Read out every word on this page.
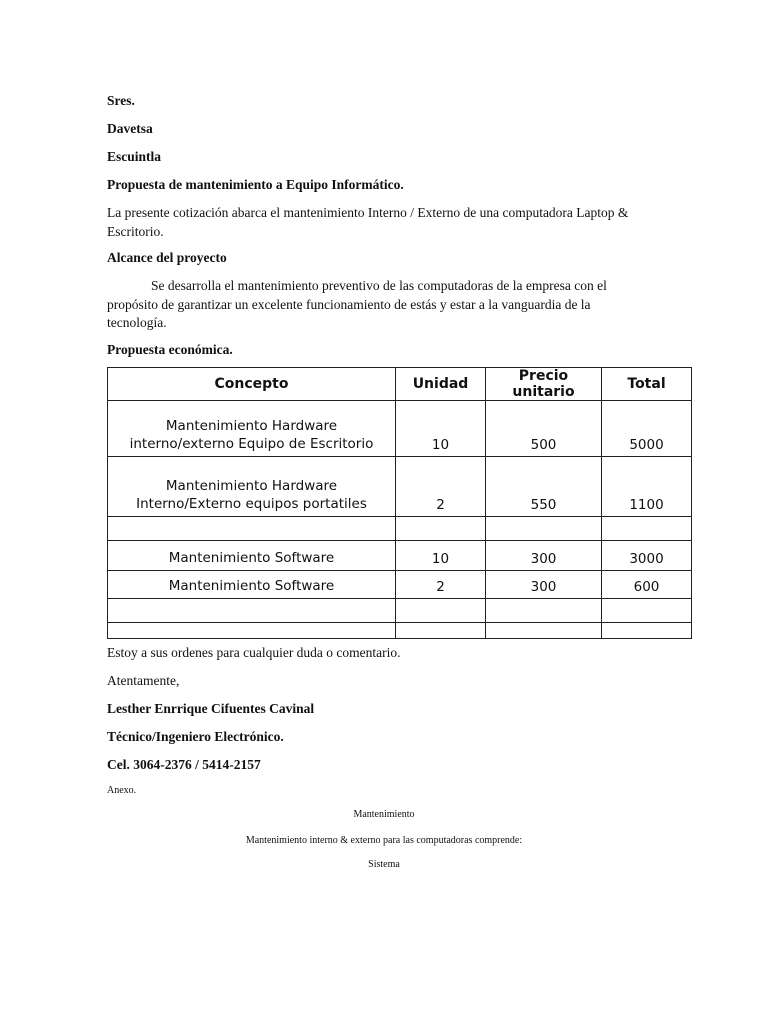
Sres.

Davetsa

Escuintla

Propuesta de mantenimiento a Equipo Informático.

La presente cotización abarca el mantenimiento Interno / Externo de una computadora Laptop & Escritorio.

Alcance del proyecto

Se desarrolla el mantenimiento preventivo de las computadoras de la empresa con el propósito de garantizar un excelente funcionamiento de estás y estar a la vanguardia de la tecnología.

Propuesta económica.

Concepto	Unidad	Precio unitario	Total
Mantenimiento Hardware
interno/externo Equipo de Escritorio	10	500	5000
Mantenimiento Hardware
Interno/Externo equipos portatiles	2	550	1100

Mantenimiento Software	10	300	3000
Mantenimiento Software	2	300	600

Estoy a sus ordenes para cualquier duda o comentario.

Atentamente,

Lesther Enrrique Cifuentes Cavinal

Técnico/Ingeniero Electrónico.

Cel. 3064-2376 / 5414-2157

Anexo.

Mantenimiento

Mantenimiento interno & externo para las computadoras comprende:

Sistema
